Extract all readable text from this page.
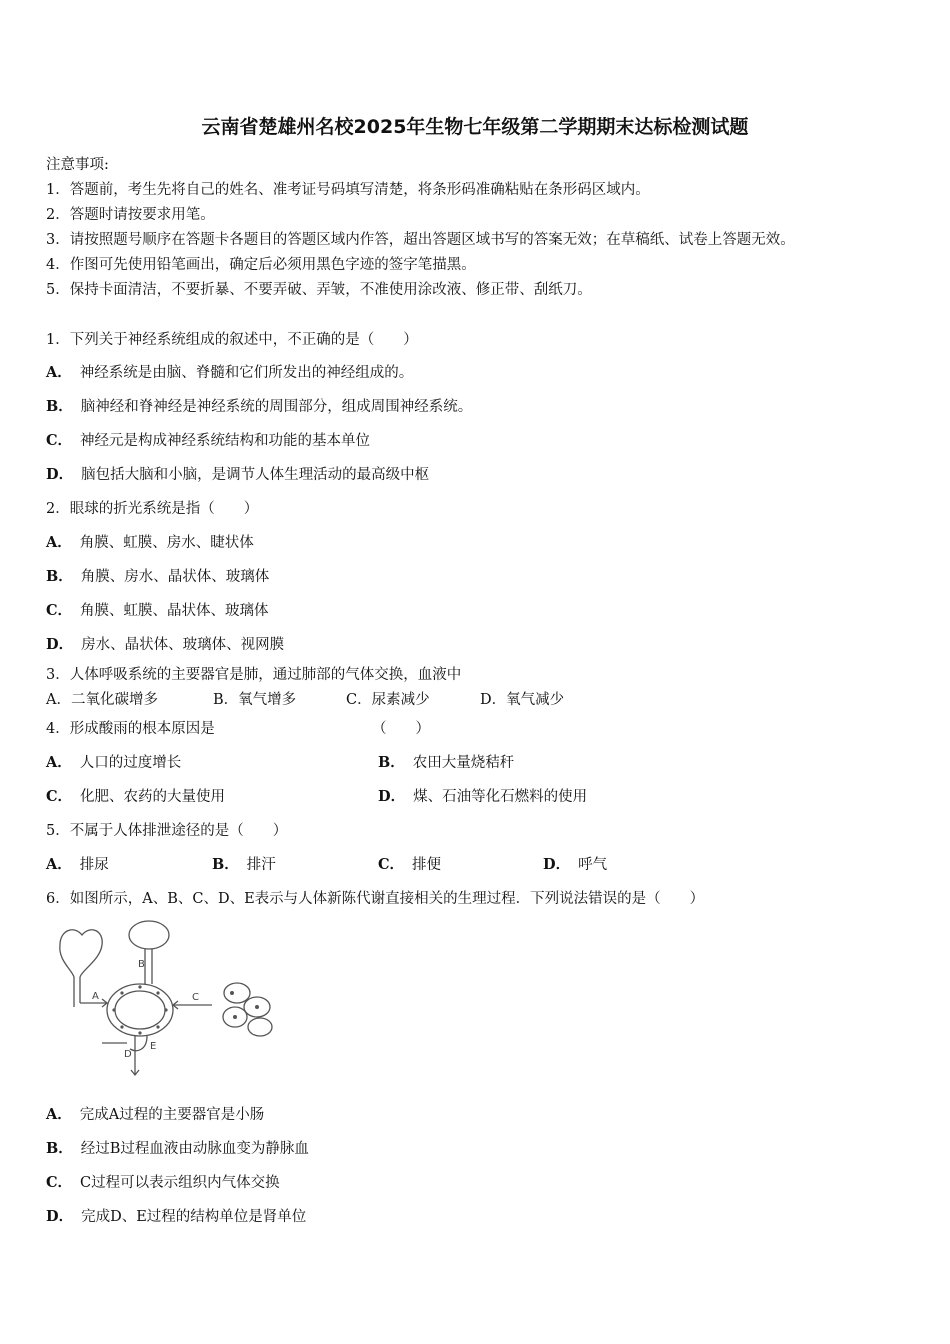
云南省楚雄州名校2025年生物七年级第二学期期末达标检测试题
注意事项:
1．答题前，考生先将自己的姓名、准考证号码填写清楚，将条形码准确粘贴在条形码区域内。
2．答题时请按要求用笔。
3．请按照题号顺序在答题卡各题目的答题区域内作答，超出答题区域书写的答案无效；在草稿纸、试卷上答题无效。
4．作图可先使用铅笔画出，确定后必须用黑色字迹的签字笔描黑。
5．保持卡面清洁，不要折暴、不要弄破、弄皱，不准使用涂改液、修正带、刮纸刀。
1．下列关于神经系统组成的叙述中，不正确的是（　　）
A． 神经系统是由脑、脊髓和它们所发出的神经组成的。
B． 脑神经和脊神经是神经系统的周围部分，组成周围神经系统。
C． 神经元是构成神经系统结构和功能的基本单位
D． 脑包括大脑和小脑，是调节人体生理活动的最高级中枢
2．眼球的折光系统是指（　　）
A． 角膜、虹膜、房水、睫状体
B． 角膜、房水、晶状体、玻璃体
C． 角膜、虹膜、晶状体、玻璃体
D． 房水、晶状体、玻璃体、视网膜
3．人体呼吸系统的主要器官是肺，通过肺部的气体交换，血液中
A．二氧化碳增多	B．氧气增多	C．尿素减少	D．氧气减少
4．形成酸雨的根本原因是	（　　）
A． 人口的过度增长	B． 农田大量烧秸秆
C． 化肥、农药的大量使用	D． 煤、石油等化石燃料的使用
5．不属于人体排泄途径的是（　　）
A． 排尿	B． 排汗	C． 排便	D． 呼气
6．如图所示，A、B、C、D、E表示与人体新陈代谢直接相关的生理过程．下列说法错误的是（　　）
A
B
C
D
E
A． 完成A过程的主要器官是小肠
B． 经过B过程血液由动脉血变为静脉血
C． C过程可以表示组织内气体交换
D． 完成D、E过程的结构单位是肾单位
